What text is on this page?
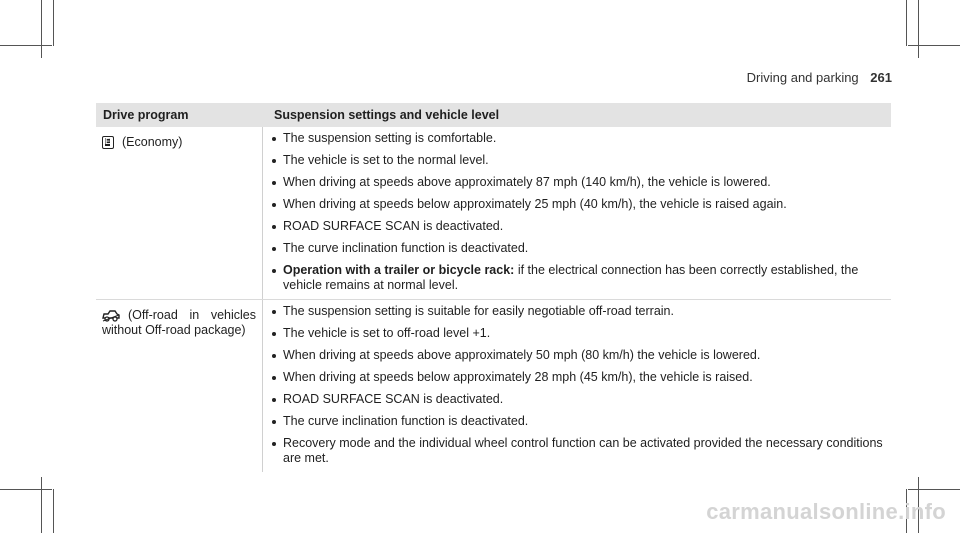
Driving and parking 261
Drive program	Suspension settings and vehicle level
E (Economy)	The suspension setting is comfortable.
The vehicle is set to the normal level.
When driving at speeds above approximately 87 mph (140 km/h), the vehicle is lowered.
When driving at speeds below approximately 25 mph (40 km/h), the vehicle is raised again.
ROAD SURFACE SCAN is deactivated.
The curve inclination function is deactivated.
Operation with a trailer or bicycle rack: if the electrical connection has been correctly established, the vehicle remains at normal level.
(Off-road in vehicles
without Off-road package)
The suspension setting is suitable for easily negotiable off-road terrain.
The vehicle is set to off-road level +1.
When driving at speeds above approximately 50 mph (80 km/h) the vehicle is lowered.
When driving at speeds below approximately 28 mph (45 km/h), the vehicle is raised.
ROAD SURFACE SCAN is deactivated.
The curve inclination function is deactivated.
Recovery mode and the individual wheel control function can be activated provided the necessary conditions are met.
carmanualsonline.info
